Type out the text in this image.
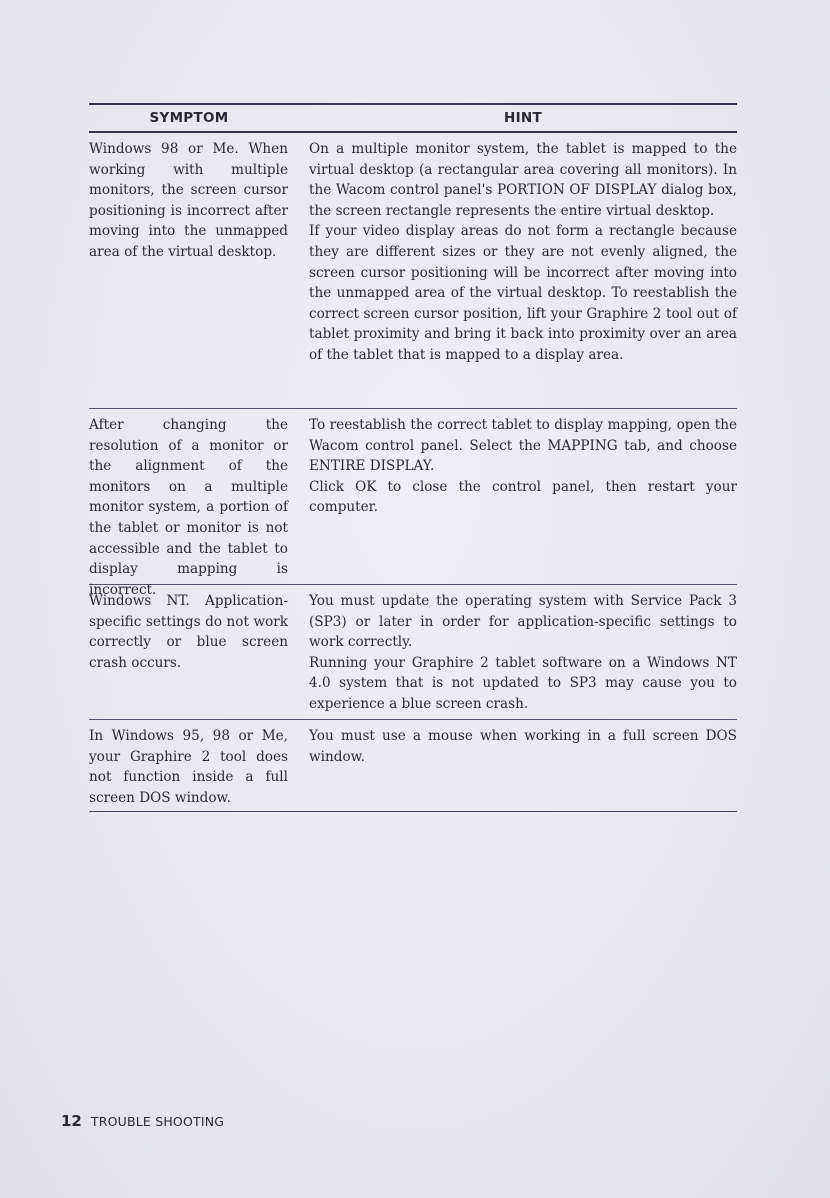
SYMPTOM	HINT
Windows 98 or Me. When working with multiple monitors, the screen cursor positioning is incorrect after moving into the unmapped area of the virtual desktop.

On a multiple monitor system, the tablet is mapped to the virtual desktop (a rectangular area covering all monitors). In the Wacom control panel's PORTION OF DISPLAY dialog box, the screen rectangle represents the entire virtual desktop.

If your video display areas do not form a rectangle because they are different sizes or they are not evenly aligned, the screen cursor positioning will be incorrect after moving into the unmapped area of the virtual desktop. To reestablish the correct screen cursor position, lift your Graphire 2 tool out of tablet proximity and bring it back into proximity over an area of the tablet that is mapped to a display area.

After changing the resolution of a monitor or the alignment of the monitors on a multiple monitor system, a portion of the tablet or monitor is not accessible and the tablet to display mapping is incorrect.

To reestablish the correct tablet to display mapping, open the Wacom control panel. Select the MAPPING tab, and choose ENTIRE DISPLAY.

Click OK to close the control panel, then restart your computer.

Windows NT. Application-specific settings do not work correctly or blue screen crash occurs.

You must update the operating system with Service Pack 3 (SP3) or later in order for application-specific settings to work correctly.

Running your Graphire 2 tablet software on a Windows NT 4.0 system that is not updated to SP3 may cause you to experience a blue screen crash.

In Windows 95, 98 or Me, your Graphire 2 tool does not function inside a full screen DOS window.

You must use a mouse when working in a full screen DOS window.

12 TROUBLE SHOOTING
